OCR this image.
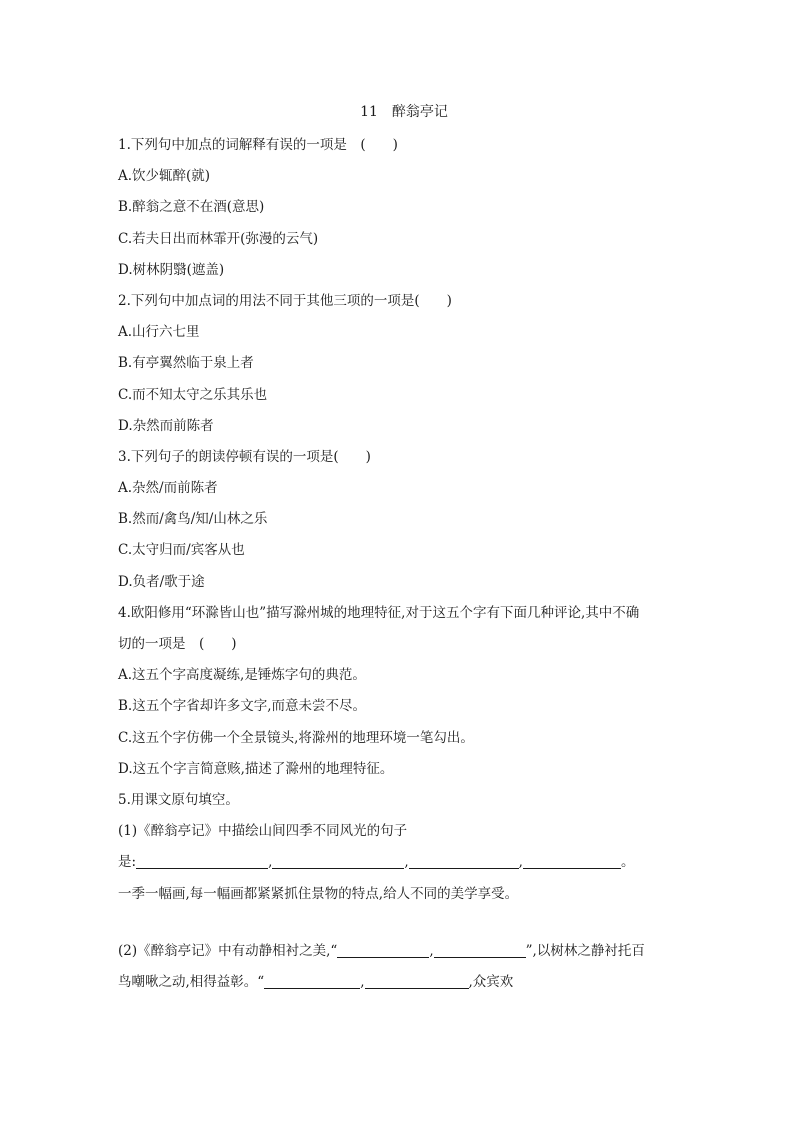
11　醉翁亭记
1.下列句中加点的词解释有误的一项是　(　　)
A.饮少辄醉(就)
B.醉翁之意不在酒(意思)
C.若夫日出而林霏开(弥漫的云气)
D.树林阴翳(遮盖)
2.下列句中加点词的用法不同于其他三项的一项是(　　)
A.山行六七里
B.有亭翼然临于泉上者
C.而不知太守之乐其乐也
D.杂然而前陈者
3.下列句子的朗读停顿有误的一项是(　　)
A.杂然/而前陈者
B.然而/禽鸟/知/山林之乐
C.太守归而/宾客从也
D.负者/歌于途
4.欧阳修用“环滁皆山也”描写滁州城的地理特征,对于这五个字有下面几种评论,其中不确
切的一项是　(　　)
A.这五个字高度凝练,是锤炼字句的典范。
B.这五个字省却许多文字,而意未尝不尽。
C.这五个字仿佛一个全景镜头,将滁州的地理环境一笔勾出。
D.这五个字言简意赅,描述了滁州的地理特征。
5.用课文原句填空。
(1)《醉翁亭记》中描绘山间四季不同风光的句子
是:	,	,	,	。
一季一幅画,每一幅画都紧紧抓住景物的特点,给人不同的美学享受。
(2)《醉翁亭记》中有动静相衬之美,“	,	”,以树林之静衬托百
鸟嘲啾之动,相得益彰。“	,	,众宾欢
